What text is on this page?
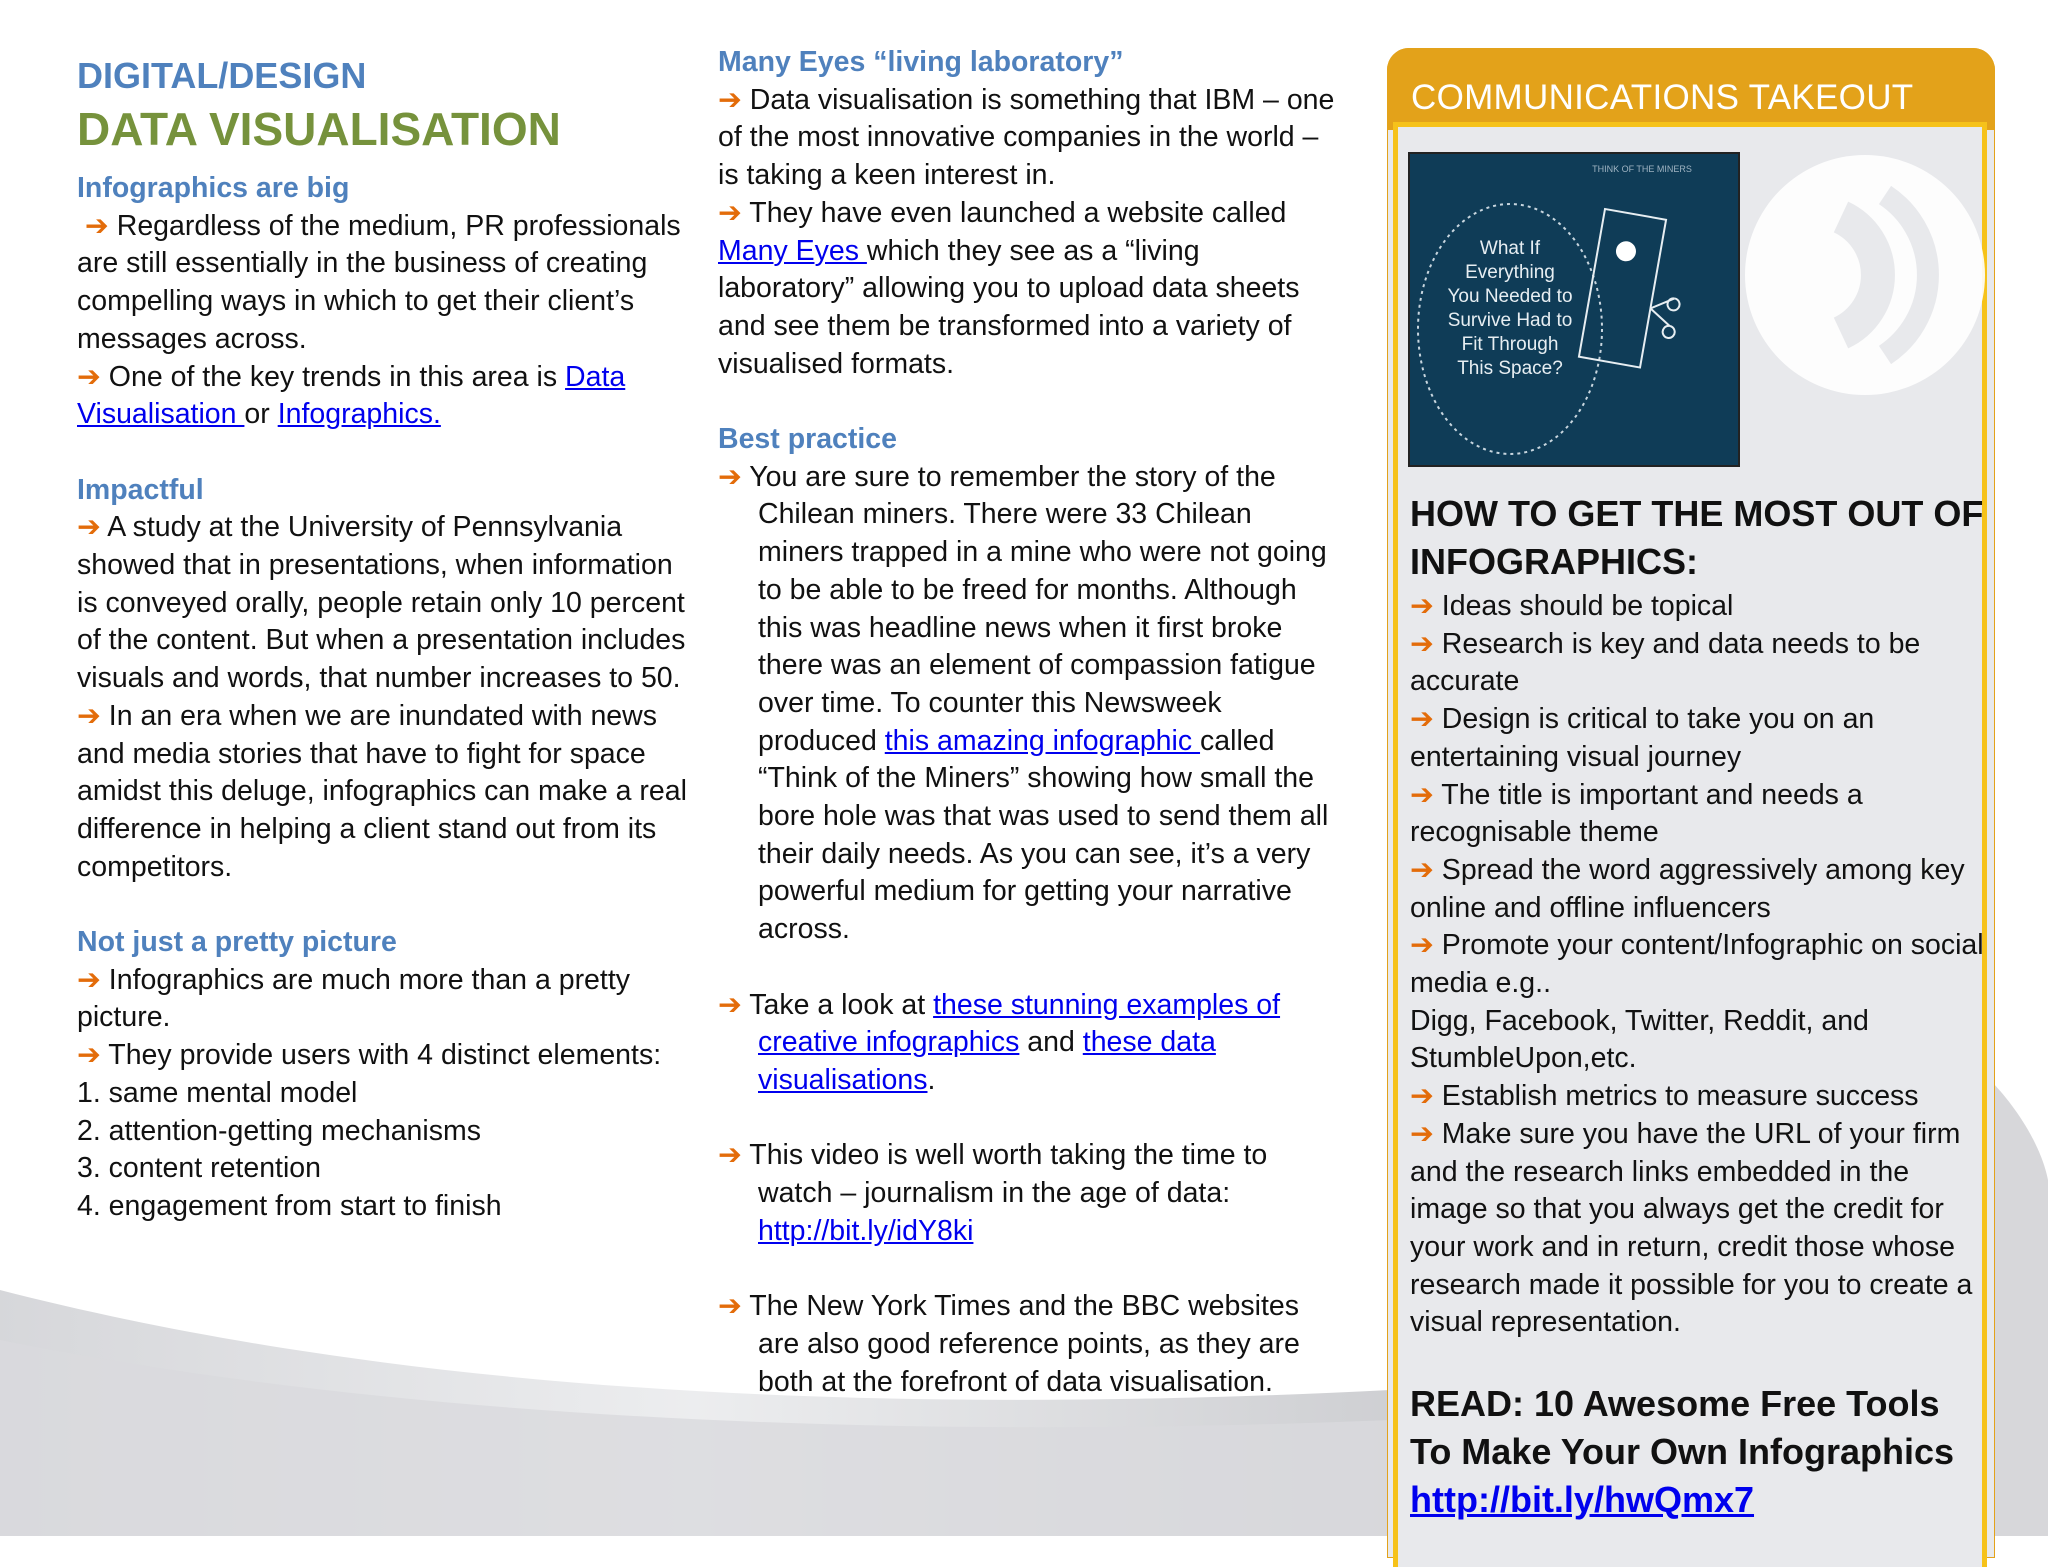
DIGITAL/DESIGN

DATA VISUALISATION

Infographics are big

➔ Regardless of the medium, PR professionals are still essentially in the business of creating compelling ways in which to get their client’s messages across.

➔ One of the key trends in this area is Data Visualisation or Infographics.

Impactful

➔ A study at the University of Pennsylvania showed that in presentations, when information is conveyed orally, people retain only 10 percent of the content. But when a presentation includes visuals and words, that number increases to 50.

➔ In an era when we are inundated with news and media stories that have to fight for space amidst this deluge, infographics can make a real difference in helping a client stand out from its competitors.

Not just a pretty picture

➔ Infographics are much more than a pretty picture.

➔ They provide users with 4 distinct elements:

1. same mental model

2. attention-getting mechanisms

3. content retention

4. engagement from start to finish

Many Eyes “living laboratory”

➔ Data visualisation is something that IBM – one of the most innovative companies in the world – is taking a keen interest in.

➔ They have even launched a website called Many Eyes which they see as a “living laboratory” allowing you to upload data sheets and see them be transformed into a variety of visualised formats.

Best practice

➔ You are sure to remember the story of the

Chilean miners. There were 33 Chilean miners trapped in a mine who were not going to be able to be freed for months. Although this was headline news when it first broke there was an element of compassion fatigue over time. To counter this Newsweek produced this amazing infographic called “Think of the Miners” showing how small the bore hole was that was used to send them all their daily needs. As you can see, it’s a very powerful medium for getting your narrative across.

➔ Take a look at these stunning examples of creative infographics and these data visualisations.

➔ This video is well worth taking the time to watch – journalism in the age of data:

http://bit.ly/idY8ki

➔ The New York Times and the BBC websites are also good reference points, as they are both at the forefront of data visualisation.

COMMUNICATIONS TAKEOUT
THINK OF THE MINERS
What If
Everything
You Needed to
Survive Had to
Fit Through
This Space?

HOW TO GET THE MOST OUT OF INFOGRAPHICS:

➔ Ideas should be topical

➔ Research is key and data needs to be accurate

➔ Design is critical to take you on an entertaining visual journey

➔ The title is important and needs a recognisable theme

➔ Spread the word aggressively among key online and offline influencers

➔ Promote your content/Infographic on social media e.g..

Digg, Facebook, Twitter, Reddit, and StumbleUpon,etc.

➔ Establish metrics to measure success

➔ Make sure you have the URL of your firm and the research links embedded in the image so that you always get the credit for your work and in return, credit those whose research made it possible for you to create a visual representation.

READ: 10 Awesome Free Tools To Make Your Own Infographics

http://bit.ly/hwQmx7
